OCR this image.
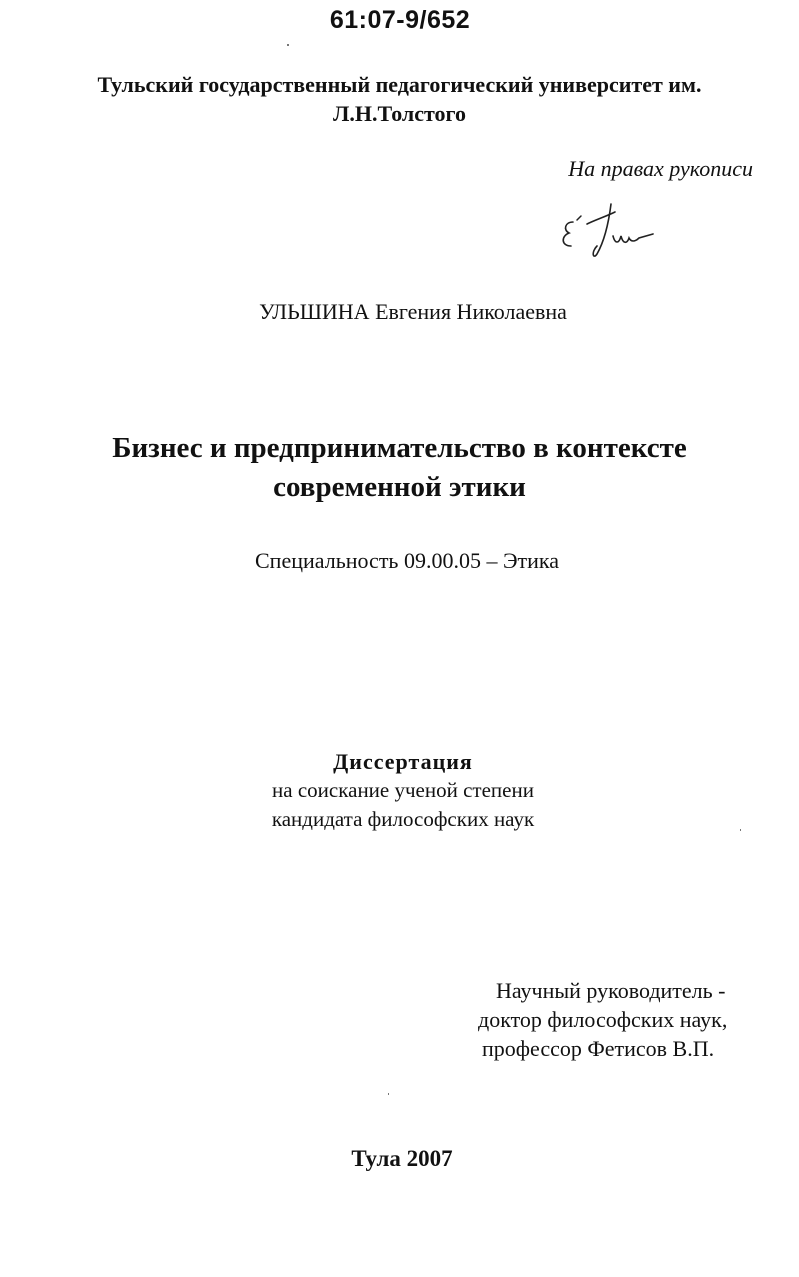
61:07-9/652
Тульский государственный педагогический университет им.
Л.Н.Толстого
На правах рукописи
УЛЬШИНА Евгения Николаевна
Бизнес и предпринимательство в контексте
современной этики
Специальность 09.00.05 – Этика
Диссертация
на соискание ученой степени
кандидата философских наук
Научный руководитель -
доктор философских наук,
профессор Фетисов В.П.
Тула 2007
